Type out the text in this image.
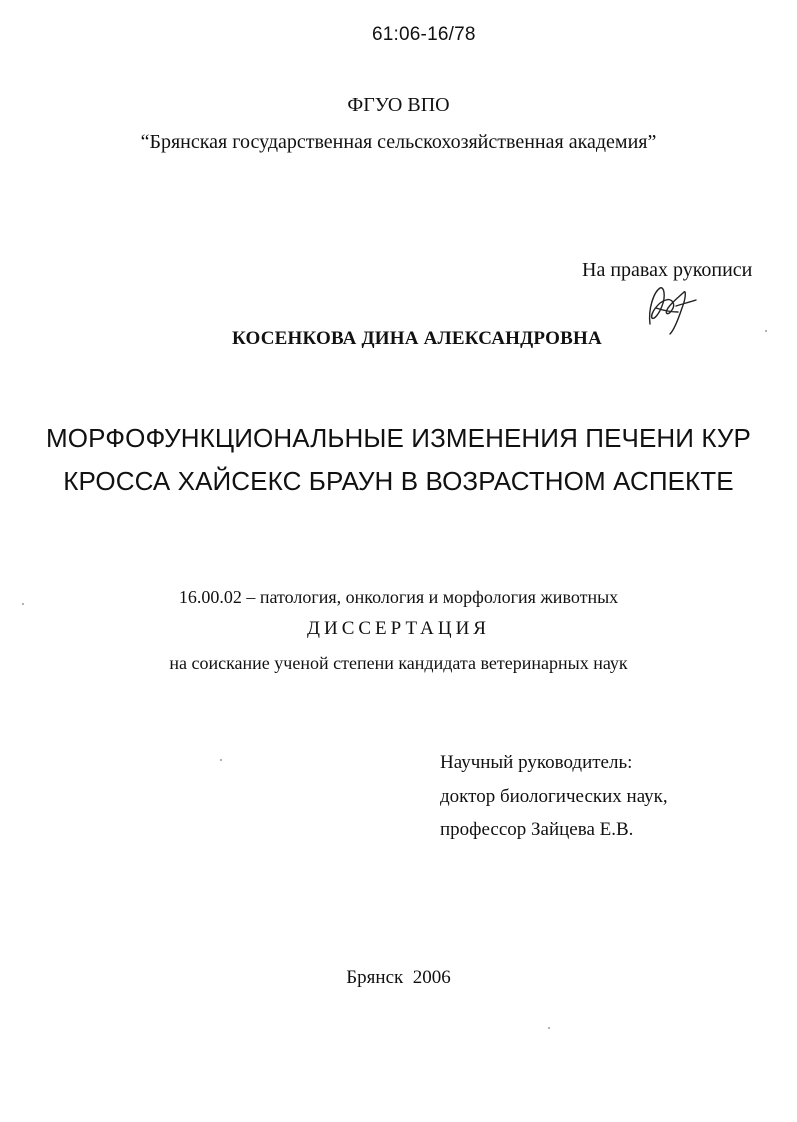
61:06-16/78
ФГУО ВПО
“Брянская государственная сельскохозяйственная академия”
На правах рукописи
КОСЕНКОВА ДИНА АЛЕКСАНДРОВНА
МОРФОФУНКЦИОНАЛЬНЫЕ ИЗМЕНЕНИЯ ПЕЧЕНИ КУР
КРОССА ХАЙСЕКС БРАУН В ВОЗРАСТНОМ АСПЕКТЕ
16.00.02 – патология, онкология и морфология животных
ДИССЕРТАЦИЯ
на соискание ученой степени кандидата ветеринарных наук
Научный руководитель:
доктор биологических наук,
профессор Зайцева Е.В.
Брянск 2006
